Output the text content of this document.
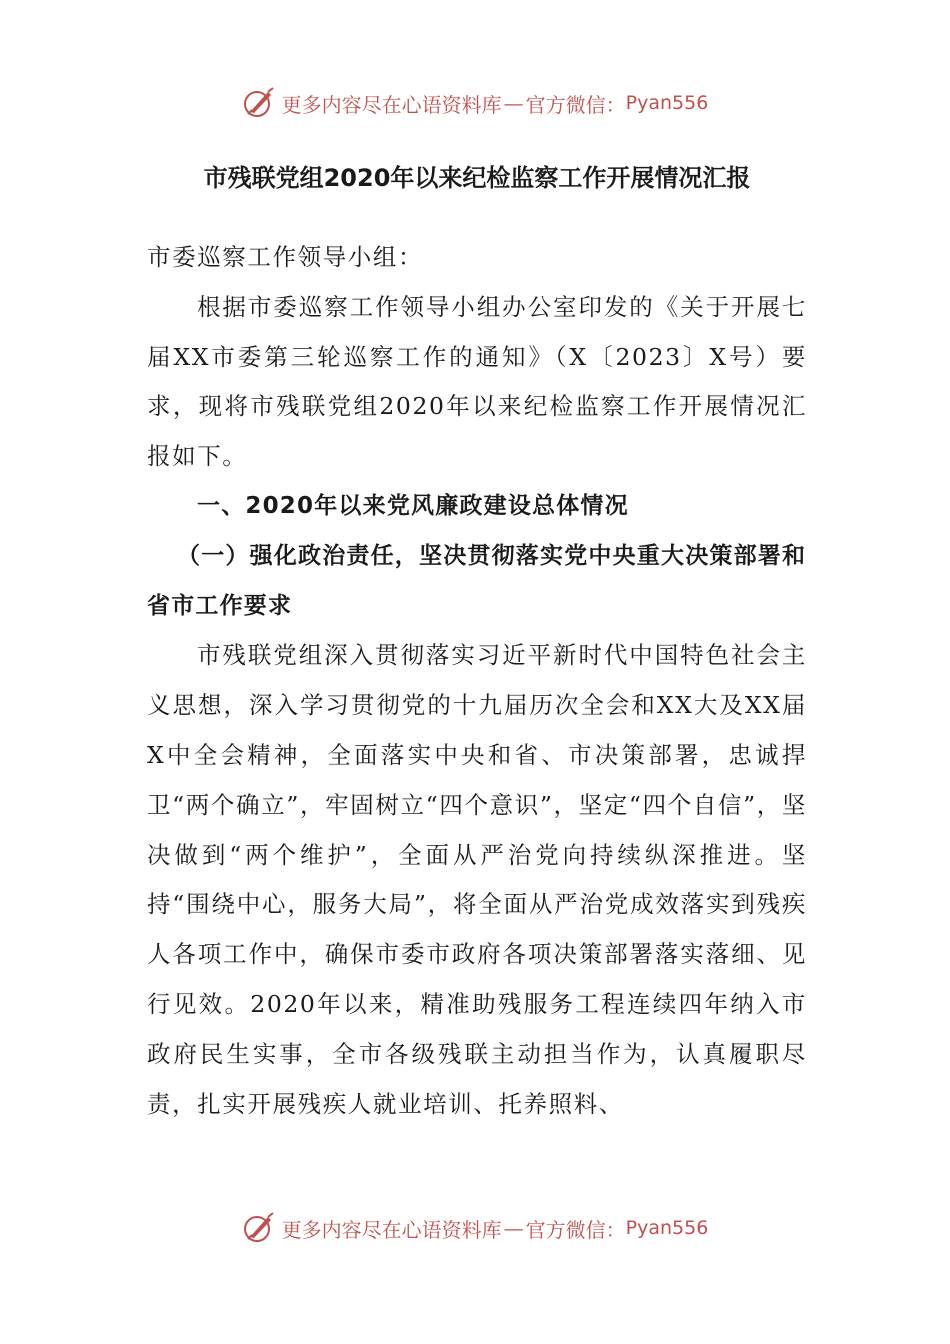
更多内容尽在心语资料库 — 官方微信： Pyan556
市残联党组2020年以来纪检监察工作开展情况汇报

市委巡察工作领导小组：

根据市委巡察工作领导小组办公室印发的《关于开展七届XX市委第三轮巡察工作的通知》（X〔2023〕X号）要求，现将市残联党组2020年以来纪检监察工作开展情况汇报如下。

一、2020年以来党风廉政建设总体情况

（一）强化政治责任，坚决贯彻落实党中央重大决策部署和省市工作要求

市残联党组深入贯彻落实习近平新时代中国特色社会主义思想，深入学习贯彻党的十九届历次全会和XX大及XX届X中全会精神，全面落实中央和省、市决策部署，忠诚捍卫“两个确立”，牢固树立“四个意识”，坚定“四个自信”，坚决做到“两个维护”，全面从严治党向持续纵深推进。坚持“围绕中心，服务大局”，将全面从严治党成效落实到残疾人各项工作中，确保市委市政府各项决策部署落实落细、见行见效。2020年以来，精准助残服务工程连续四年纳入市政府民生实事，全市各级残联主动担当作为，认真履职尽责，扎实开展残疾人就业培训、托养照料、

更多内容尽在心语资料库 — 官方微信： Pyan556
